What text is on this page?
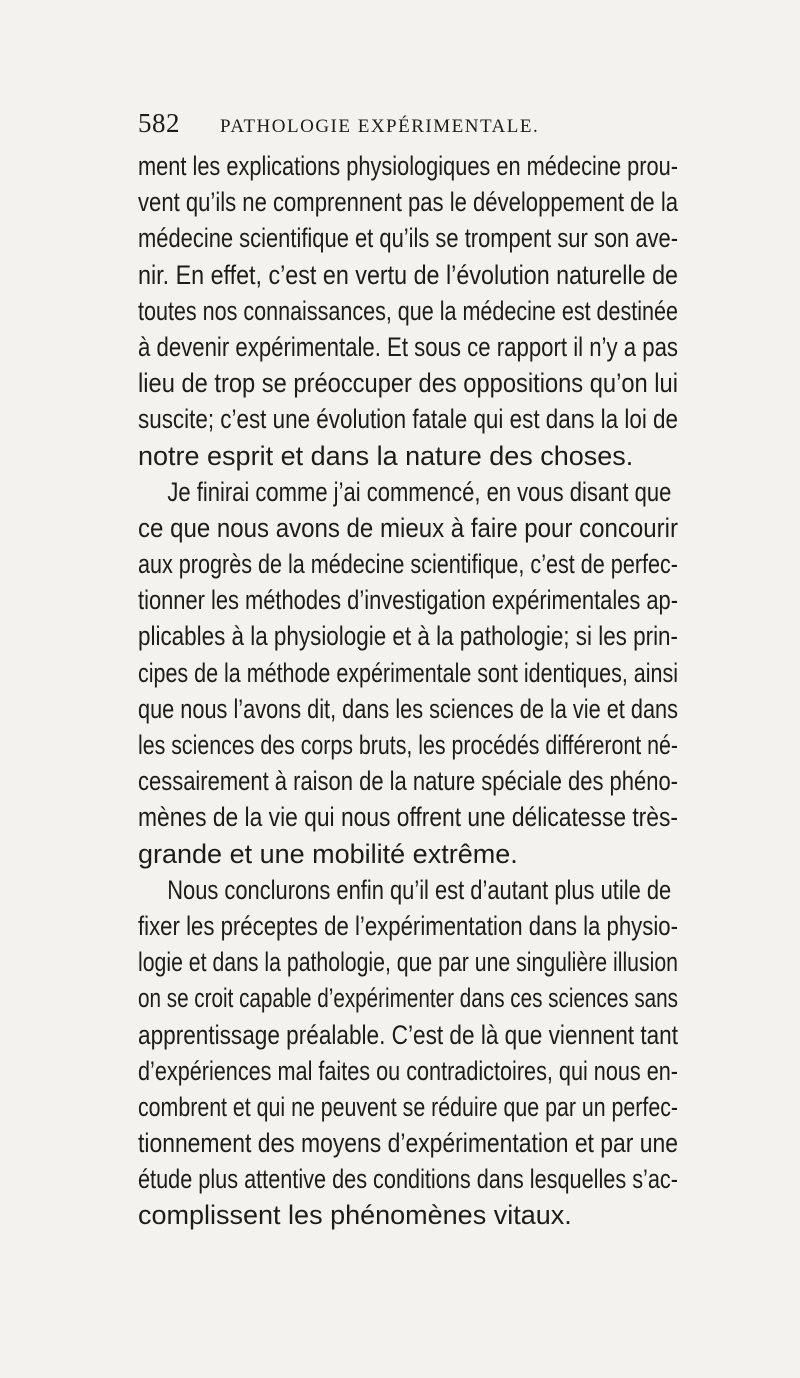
582 PATHOLOGIE EXPÉRIMENTALE.
ment les explications physiologiques en médecine prou-
vent qu’ils ne comprennent pas le développement de la
médecine scientifique et qu’ils se trompent sur son ave-
nir. En effet, c’est en vertu de l’évolution naturelle de
toutes nos connaissances, que la médecine est destinée
à devenir expérimentale. Et sous ce rapport il n’y a pas
lieu de trop se préoccuper des oppositions qu’on lui
suscite; c’est une évolution fatale qui est dans la loi de
notre esprit et dans la nature des choses.
Je finirai comme j’ai commencé, en vous disant que
ce que nous avons de mieux à faire pour concourir
aux progrès de la médecine scientifique, c’est de perfec-
tionner les méthodes d’investigation expérimentales ap-
plicables à la physiologie et à la pathologie; si les prin-
cipes de la méthode expérimentale sont identiques, ainsi
que nous l’avons dit, dans les sciences de la vie et dans
les sciences des corps bruts, les procédés différeront né-
cessairement à raison de la nature spéciale des phéno-
mènes de la vie qui nous offrent une délicatesse très-
grande et une mobilité extrême.
Nous conclurons enfin qu’il est d’autant plus utile de
fixer les préceptes de l’expérimentation dans la physio-
logie et dans la pathologie, que par une singulière illusion
on se croit capable d’expérimenter dans ces sciences sans
apprentissage préalable. C’est de là que viennent tant
d’expériences mal faites ou contradictoires, qui nous en-
combrent et qui ne peuvent se réduire que par un perfec-
tionnement des moyens d’expérimentation et par une
étude plus attentive des conditions dans lesquelles s’ac-
complissent les phénomènes vitaux.
